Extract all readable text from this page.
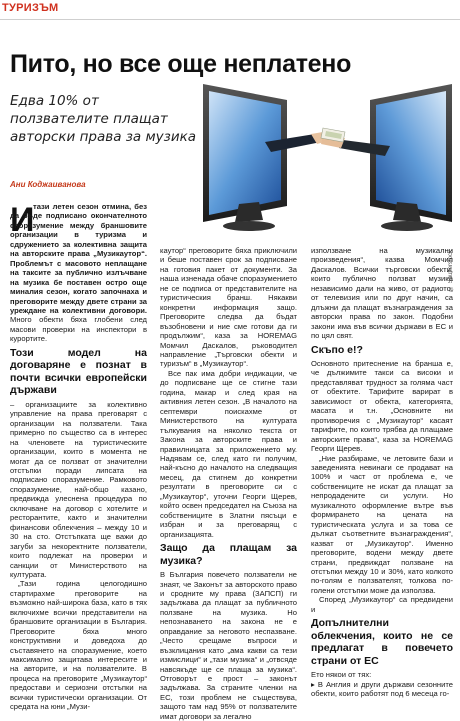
ТУРИЗЪМ
Пито, но все още неплатено
Едва 10% от ползвателите плащат авторски права за музика
Ани Коджаиванова
© Shutterstock
И

тази летен сезон отмина, без да бъде подписано окончателното споразумение между браншовите организации в туризма и сдружението за колективна защита на авторските права „Музикаутор“. Проблемът с масовото неплащане на таксите за публично излъчване на музика бе поставен остро още миналия сезон, когато започнаха и преговорите между двете страни за уреждане на колективни договори. Много обекти бяха глобени след масови проверки на инспектори в курортите.

Този модел на договаряне е познат в почти всички европейски държави

– организациите за колективно управление на права преговарят с организации на ползватели. Така примерно по същество са в интерес на членовете на туристическите организации, които в момента не могат да се ползват от значителни отстъпки поради липсата на подписано споразумение. Рамковото споразумение, най-общо казано, предвижда улеснена процедура по сключване на договор с хотелите и ресторантите, както и значителни финансови облекчения – между 10 и 30 на сто. Отстъпката ще важи до загуби за некоректните ползватели, които подлежат на проверки и санкции от Министерството на културата.

„Тази година целогодишно стартирахме преговорите на възможно най-широка база, като в тях включихме всички представители на браншовите организации в България. Преговорите бяха много конструктивни и доведоха до съставянето на споразумение, което максимално защитава интересите и на авторите, и на ползвателите. В процеса на преговорите „Музикаутор“ предостави и сериозни отстъпки на всички туристически организации. От средата на юни „Музи-

каутор“ преговорите бяха приключили и беше поставен срок за подписване на готовия пакет от документи. За наша изненада обаче споразумението не се подписа от представителите на туристическия бранш. Някакви конкретни информация защо. Преговорите следва да бъдат възобновени и ние сме готови да ги продължим“, каза за HOREMAG Момчил Даскалов, ръководител направление „Търговски обекти и туризъм“ в „Музикаутор“.

Все пак има добри индикации, че до подписване ще се стигне тази година, макар и след края на активния летен сезон. „В началото на септември поискахме от Министерството на културата тълкувания на няколко текста от Закона за авторските права и правилницата за приложението му. Надявам се, след като ги получим, най-късно до началото на следващия месец, да стигнем до конкретни резултати в преговорите си с „Музикаутор“, уточни Георги Щерев, който освен председател на Съюза на собствениците в Златни пясъци е избран и за преговарящ с организацията.

Защо да плащам за музика?

В България повечето ползватели не знаят, че Законът за авторското право и сродните му права (ЗАПСП) ги задължава да плащат за публичното ползване на музика. Но непознаването на закона не е оправдание за неговото неспазване. „Често срещаме въпроси и възклицания като „ама какви са тези измислици“ и „тази музика“ и „отвсяде навсякъде ще се плаща за музика“. Отговорът е прост – законът задължава. За страните членки на ЕС, този проблем не съществува, защото там над 95% от ползвателите имат договори за легално

използване на музикални произведения“, казва Момчил Даскалов. Всички търговски обекти, които публично ползват музика независимо дали на живо, от радиото, от телевизия или по друг начин, са длъжни да плащат възнаграждения за авторски права по закон. Подобни закони има във всички държави в ЕС и по цял свят.

Скъпо е!?

Основното притеснение на бранша е, че дължимите такси са високи и представляват трудност за голяма част от обектите. Тарифите варират в зависимост от обекта, категорията, масата и т.н. „Основните ни противоречия с „Музикаутор“ касаят тарифите, по които трябва да плащаме авторските права“, каза за HOREMAG Георги Щерев.

„Ние разбираме, че летовите бази и заведенията невинаги се продават на 100% и част от проблема е, че собствениците не искат да плащат за непродадените си услуги. Но музикалното оформление вътре във формирането на цената на туристическата услуга и за това се дължат съответните възнаграждения“, казват от „Музикаутор“. Именно преговорите, водени между двете страни, предвиждат ползване на отстъпки между 10 и 30%, като колкото по-голям е ползвателят, толкова по-голени отстъпки може да използва.

Според „Музикаутор“ са предвидени и

Допълнителни облекчения, които не се предлагат в повечето страни от ЕС

Ето някои от тях:

▸ В Англия и други държави сезонните обекти, които работят под 6 месеца го-
